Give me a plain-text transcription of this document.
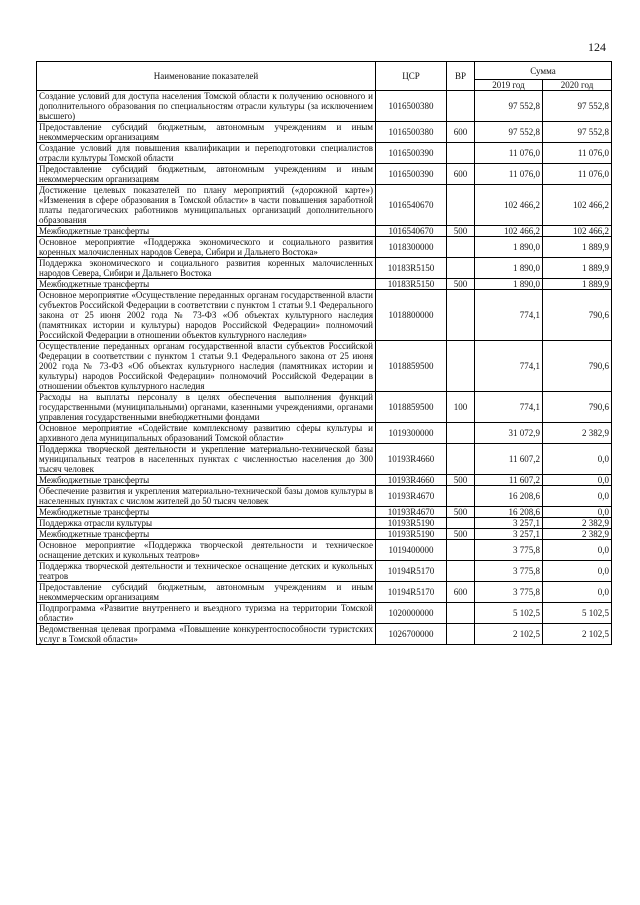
124
Наименование показателей	ЦСР	ВР	Сумма	
			2019 год	2020 год
Создание условий для доступа населения Томской области к получению основного и дополнительного образования по специальностям отрасли культуры (за исключением высшего)	1016500380		97 552,8	97 552,8
Предоставление субсидий бюджетным, автономным учреждениям и иным некоммерческим организациям	1016500380	600	97 552,8	97 552,8
Создание условий для повышения квалификации и переподготовки специалистов отрасли культуры Томской области	1016500390		11 076,0	11 076,0
Предоставление субсидий бюджетным, автономным учреждениям и иным некоммерческим организациям	1016500390	600	11 076,0	11 076,0
Достижение целевых показателей по плану мероприятий («дорожной карте») «Изменения в сфере образования в Томской области» в части повышения заработной платы педагогических работников муниципальных организаций дополнительного образования	1016540670		102 466,2	102 466,2
Межбюджетные трансферты	1016540670	500	102 466,2	102 466,2
Основное мероприятие «Поддержка экономического и социального развития коренных малочисленных народов Севера, Сибири и Дальнего Востока»	1018300000		1 890,0	1 889,9
Поддержка экономического и социального развития коренных малочисленных народов Севера, Сибири и Дальнего Востока	10183R5150		1 890,0	1 889,9
Межбюджетные трансферты	10183R5150	500	1 890,0	1 889,9
Основное мероприятие «Осуществление переданных органам государственной власти субъектов Российской Федерации в соответствии с пунктом 1 статьи 9.1 Федерального закона от 25 июня 2002 года № 73-ФЗ «Об объектах культурного наследия (памятниках истории и культуры) народов Российской Федерации» полномочий Российской Федерации в отношении объектов культурного наследия»	1018800000		774,1	790,6
Осуществление переданных органам государственной власти субъектов Российской Федерации в соответствии с пунктом 1 статьи 9.1 Федерального закона от 25 июня 2002 года № 73-ФЗ «Об объектах культурного наследия (памятниках истории и культуры) народов Российской Федерации» полномочий Российской Федерации в отношении объектов культурного наследия	1018859500		774,1	790,6
Расходы на выплаты персоналу в целях обеспечения выполнения функций государственными (муниципальными) органами, казенными учреждениями, органами управления государственными внебюджетными фондами	1018859500	100	774,1	790,6
Основное мероприятие «Содействие комплексному развитию сферы культуры и архивного дела муниципальных образований Томской области»	1019300000		31 072,9	2 382,9
Поддержка творческой деятельности и укрепление материально-технической базы муниципальных театров в населенных пунктах с численностью населения до 300 тысяч человек	10193R4660		11 607,2	0,0
Межбюджетные трансферты	10193R4660	500	11 607,2	0,0
Обеспечение развития и укрепления материально-технической базы домов культуры в населенных пунктах с числом жителей до 50 тысяч человек	10193R4670		16 208,6	0,0
Межбюджетные трансферты	10193R4670	500	16 208,6	0,0
Поддержка отрасли культуры	10193R5190		3 257,1	2 382,9
Межбюджетные трансферты	10193R5190	500	3 257,1	2 382,9
Основное мероприятие «Поддержка творческой деятельности и техническое оснащение детских и кукольных театров»	1019400000		3 775,8	0,0
Поддержка творческой деятельности и техническое оснащение детских и кукольных театров	10194R5170		3 775,8	0,0
Предоставление субсидий бюджетным, автономным учреждениям и иным некоммерческим организациям	10194R5170	600	3 775,8	0,0
Подпрограмма «Развитие внутреннего и въездного туризма на территории Томской области»	1020000000		5 102,5	5 102,5
Ведомственная целевая программа «Повышение конкурентоспособности туристских услуг в Томской области»	1026700000		2 102,5	2 102,5
